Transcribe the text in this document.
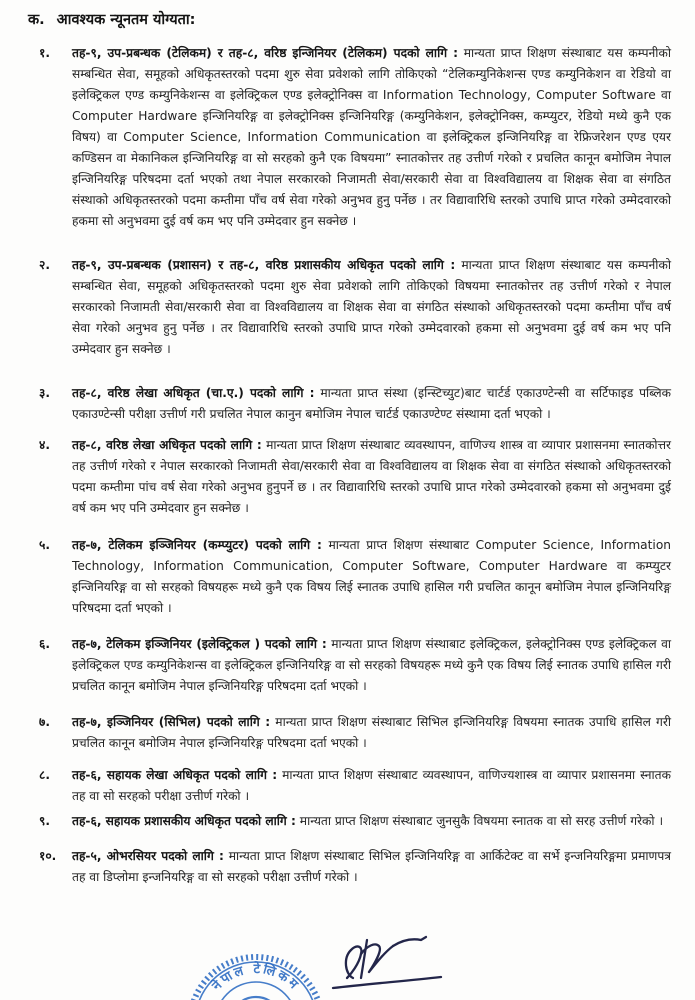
क. आवश्यक न्यूनतम योग्यता:
१. तह-९, उप-प्रबन्धक (टेलिकम) र तह-८, वरिष्ठ इन्जिनियर (टेलिकम) पदको लागि : मान्यता प्राप्त शिक्षण संस्थाबाट यस कम्पनीको सम्बन्धित सेवा, समूहको अधिकृतस्तरको पदमा शुरु सेवा प्रवेशको लागि तोकिएको “टेलिकम्युनिकेशन्स एण्ड कम्युनिकेशन वा रेडियो वा इलेक्ट्रिकल एण्ड कम्युनिकेशन्स वा इलेक्ट्रिकल एण्ड इलेक्ट्रोनिक्स वा Information Technology, Computer Software वा Computer Hardware इन्जिनियरिङ्ग वा इलेक्ट्रोनिक्स इन्जिनियरिङ्ग (कम्युनिकेशन, इलेक्ट्रोनिक्स, कम्प्युटर, रेडियो मध्ये कुनै एक विषय) वा Computer Science, Information Communication वा इलेक्ट्रिकल इन्जिनियरिङ्ग वा रेफ्रिजरेशन एण्ड एयर कण्डिसन वा मेकानिकल इन्जिनियरिङ्ग वा सो सरहको कुनै एक विषयमा” स्नातकोत्तर तह उत्तीर्ण गरेको र प्रचलित कानून बमोजिम नेपाल इन्जिनियरिङ्ग परिषदमा दर्ता भएको तथा नेपाल सरकारको निजामती सेवा/सरकारी सेवा वा विश्वविद्यालय वा शिक्षक सेवा वा संगठित संस्थाको अधिकृतस्तरको पदमा कम्तीमा पाँच वर्ष सेवा गरेको अनुभव हुनु पर्नेछ । तर विद्यावारिधि स्तरको उपाधि प्राप्त गरेको उम्मेदवारको हकमा सो अनुभवमा दुई वर्ष कम भए पनि उम्मेदवार हुन सक्नेछ ।
२. तह-९, उप-प्रबन्धक (प्रशासन) र तह-८, वरिष्ठ प्रशासकीय अधिकृत पदको लागि : मान्यता प्राप्त शिक्षण संस्थाबाट यस कम्पनीको सम्बन्धित सेवा, समूहको अधिकृतस्तरको पदमा शुरु सेवा प्रवेशको लागि तोकिएको विषयमा स्नातकोत्तर तह उत्तीर्ण गरेको र नेपाल सरकारको निजामती सेवा/सरकारी सेवा वा विश्वविद्यालय वा शिक्षक सेवा वा संगठित संस्थाको अधिकृतस्तरको पदमा कम्तीमा पाँच वर्ष सेवा गरेको अनुभव हुनु पर्नेछ । तर विद्यावारिधि स्तरको उपाधि प्राप्त गरेको उम्मेदवारको हकमा सो अनुभवमा दुई वर्ष कम भए पनि उम्मेदवार हुन सक्नेछ ।
३. तह-८, वरिष्ठ लेखा अधिकृत (चा.ए.) पदको लागि : मान्यता प्राप्त संस्था (इन्स्टिच्युट)बाट चार्टर्ड एकाउण्टेन्सी वा सर्टिफाइड पब्लिक एकाउण्टेन्सी परीक्षा उत्तीर्ण गरी प्रचलित नेपाल कानुन बमोजिम नेपाल चार्टर्ड एकाउण्टेण्ट संस्थामा दर्ता भएको ।
४. तह-८, वरिष्ठ लेखा अधिकृत पदको लागि : मान्यता प्राप्त शिक्षण संस्थाबाट व्यवस्थापन, वाणिज्य शास्त्र वा व्यापार प्रशासनमा स्नातकोत्तर तह उत्तीर्ण गरेको र नेपाल सरकारको निजामती सेवा/सरकारी सेवा वा विश्वविद्यालय वा शिक्षक सेवा वा संगठित संस्थाको अधिकृतस्तरको पदमा कम्तीमा पांच वर्ष सेवा गरेको अनुभव हुनुपर्ने छ । तर विद्यावारिधि स्तरको उपाधि प्राप्त गरेको उम्मेदवारको हकमा सो अनुभवमा दुई वर्ष कम भए पनि उम्मेदवार हुन सक्नेछ ।
५. तह-७, टेलिकम इञ्जिनियर (कम्प्युटर) पदको लागि : मान्यता प्राप्त शिक्षण संस्थाबाट Computer Science, Information Technology, Information Communication, Computer Software, Computer Hardware वा कम्प्युटर इन्जिनियरिङ्ग वा सो सरहको विषयहरू मध्ये कुनै एक विषय लिई स्नातक उपाधि हासिल गरी प्रचलित कानून बमोजिम नेपाल इन्जिनियरिङ्ग परिषदमा दर्ता भएको ।
६. तह-७, टेलिकम इञ्जिनियर (इलेक्ट्रिकल ) पदको लागि : मान्यता प्राप्त शिक्षण संस्थाबाट इलेक्ट्रिकल, इलेक्ट्रोनिक्स एण्ड इलेक्ट्रिकल वा इलेक्ट्रिकल एण्ड कम्युनिकेशन्स वा इलेक्ट्रिकल इन्जिनियरिङ्ग वा सो सरहको विषयहरू मध्ये कुनै एक विषय लिई स्नातक उपाधि हासिल गरी प्रचलित कानून बमोजिम नेपाल इन्जिनियरिङ्ग परिषदमा दर्ता भएको ।
७. तह-७, इञ्जिनियर (सिभिल) पदको लागि : मान्यता प्राप्त शिक्षण संस्थाबाट सिभिल इन्जिनियरिङ्ग विषयमा स्नातक उपाधि हासिल गरी प्रचलित कानून बमोजिम नेपाल इन्जिनियरिङ्ग परिषदमा दर्ता भएको ।
८. तह-६, सहायक लेखा अधिकृत पदको लागि : मान्यता प्राप्त शिक्षण संस्थाबाट व्यवस्थापन, वाणिज्यशास्त्र वा व्यापार प्रशासनमा स्नातक तह वा सो सरहको परीक्षा उत्तीर्ण गरेको ।
९. तह-६, सहायक प्रशासकीय अधिकृत पदको लागि : मान्यता प्राप्त शिक्षण संस्थाबाट जुनसुकै विषयमा स्नातक वा सो सरह उत्तीर्ण गरेको ।
१०. तह-५, ओभरसियर पदको लागि : मान्यता प्राप्त शिक्षण संस्थाबाट सिभिल इन्जिनियरिङ्ग वा आर्किटेक्ट वा सर्भे इन्जनियरिङ्गमा प्रमाणपत्र तह वा डिप्लोमा इन्जनियरिङ्ग वा सो सरहको परीक्षा उत्तीर्ण गरेको ।
नेपाल टेलिकम
